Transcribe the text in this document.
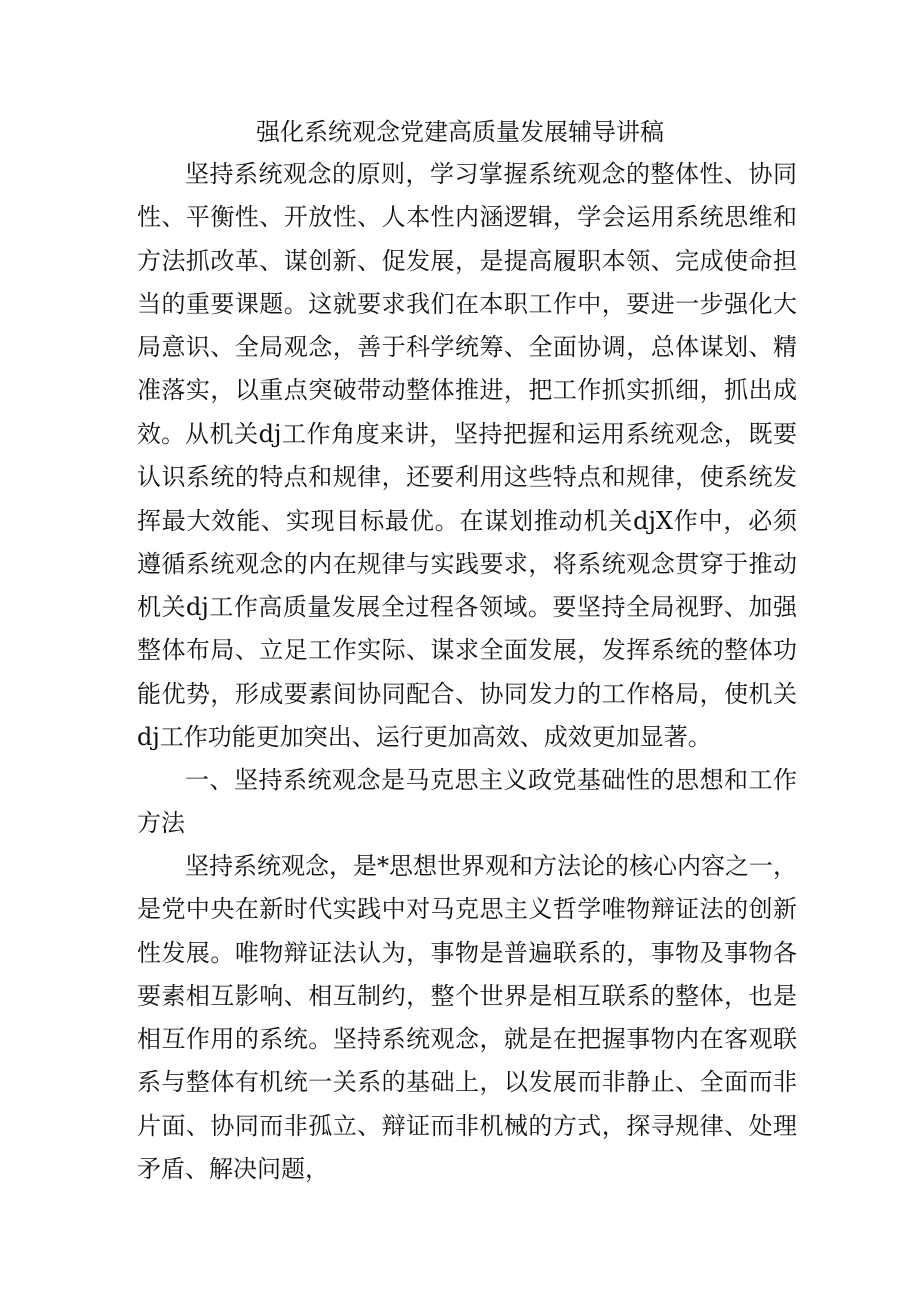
强化系统观念党建高质量发展辅导讲稿

坚持系统观念的原则，学习掌握系统观念的整体性、协同性、平衡性、开放性、人本性内涵逻辑，学会运用系统思维和方法抓改革、谋创新、促发展，是提高履职本领、完成使命担当的重要课题。这就要求我们在本职工作中，要进一步强化大局意识、全局观念，善于科学统筹、全面协调，总体谋划、精准落实，以重点突破带动整体推进，把工作抓实抓细，抓出成效。 从机关dj工作角度来讲，坚持把握和运用系统观念，既要认识系统的特点和规律，还要利用这些特点和规律，使系统发挥最大效能、实现目标最优。在谋划推动机关djX作中，必须遵循系统观念的内在规律与实践要求，将系统观念贯穿于推动机关dj工作高质量发展全过程各领域。要坚持全局视野、加强整体布局、立足工作实际、谋求全面发展，发挥系统的整体功能优势，形成要素间协同配合、协同发力的工作格局，使机关dj工作功能更加突出、运行更加高效、成效更加显著。

一、坚持系统观念是马克思主义政党基础性的思想和工作方法

坚持系统观念，是*思想世界观和方法论的核心内容之一，是党中央在新时代实践中对马克思主义哲学唯物辩证法的创新性发展。唯物辩证法认为，事物是普遍联系的，事物及事物各要素相互影响、相互制约，整个世界是相互联系的整体，也是相互作用的系统。坚持系统观念，就是在把握事物内在客观联系与整体有机统一关系的基础上，以发展而非静止、全面而非片面、协同而非孤立、辩证而非机械的方式，探寻规律、处理矛盾、解决问题，
